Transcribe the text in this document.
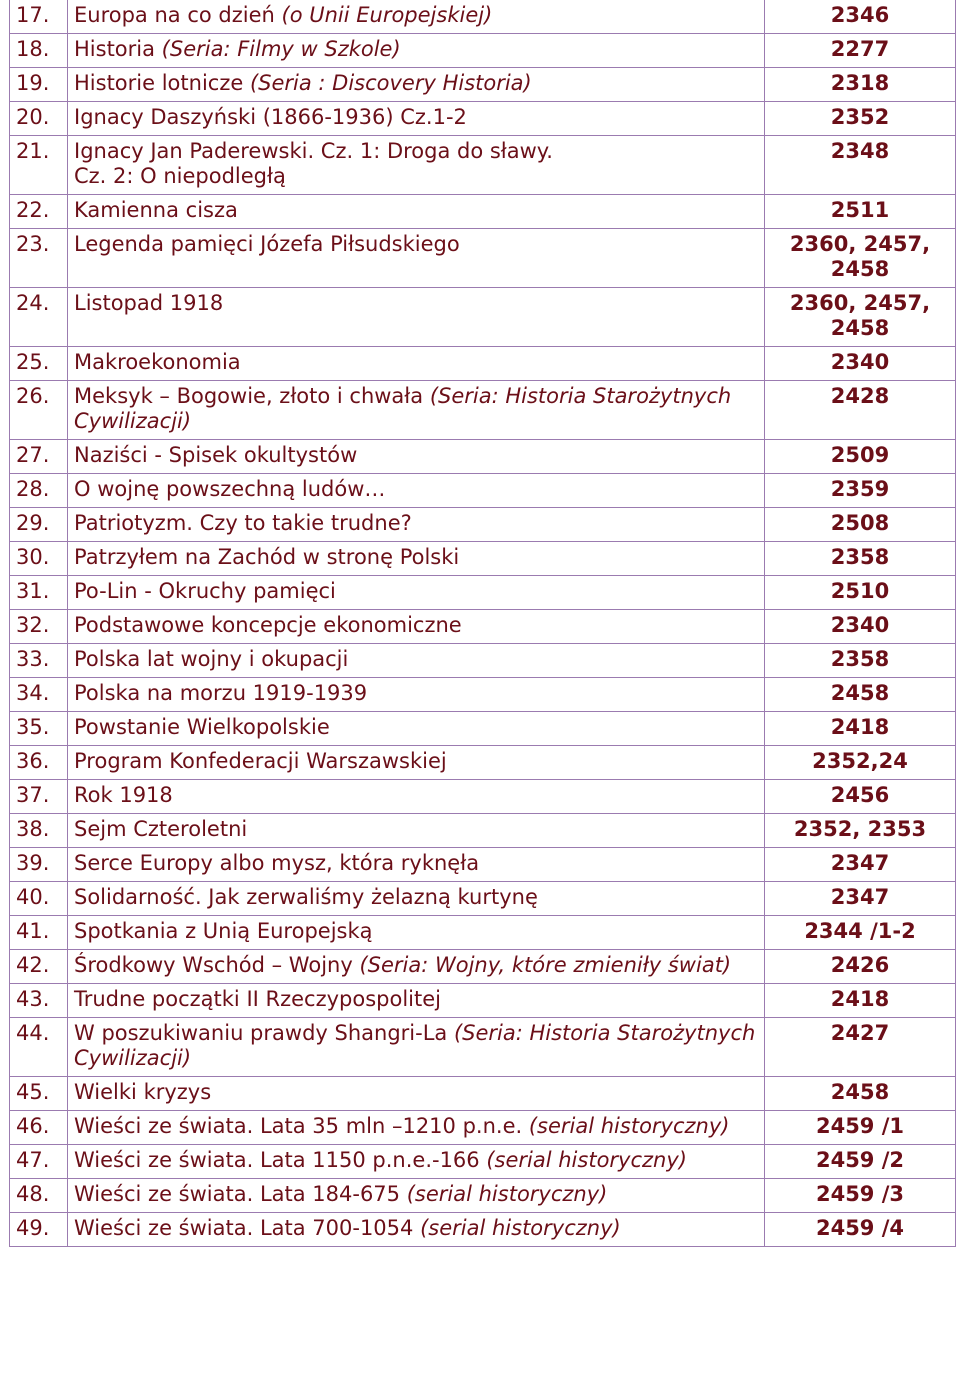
17.	Europa na co dzień (o Unii Europejskiej)	2346
18.	Historia (Seria: Filmy w Szkole)	2277
19.	Historie lotnicze (Seria : Discovery Historia)	2318
20.	Ignacy Daszyński (1866-1936) Cz.1-2	2352
21.	Ignacy Jan Paderewski. Cz. 1: Droga do sławy.
Cz. 2: O niepodległą	2348
22.	Kamienna cisza	2511
23.	Legenda pamięci Józefa Piłsudskiego	2360, 2457,
2458
24.	Listopad 1918	2360, 2457,
2458
25.	Makroekonomia	2340
26.	Meksyk – Bogowie, złoto i chwała (Seria: Historia Starożytnych Cywilizacji)	2428
27.	Naziści - Spisek okultystów	2509
28.	O wojnę powszechną ludów…	2359
29.	Patriotyzm. Czy to takie trudne?	2508
30.	Patrzyłem na Zachód w stronę Polski	2358
31.	Po-Lin - Okruchy pamięci	2510
32.	Podstawowe koncepcje ekonomiczne	2340
33.	Polska lat wojny i okupacji	2358
34.	Polska na morzu 1919-1939	2458
35.	Powstanie Wielkopolskie	2418
36.	Program Konfederacji Warszawskiej	2352,24
37.	Rok 1918	2456
38.	Sejm Czteroletni	2352, 2353
39.	Serce Europy albo mysz, która ryknęła	2347
40.	Solidarność. Jak zerwaliśmy żelazną kurtynę	2347
41.	Spotkania z Unią Europejską	2344 /1-2
42.	Środkowy Wschód – Wojny (Seria: Wojny, które zmieniły świat)	2426
43.	Trudne początki II Rzeczypospolitej	2418
44.	W poszukiwaniu prawdy Shangri-La (Seria: Historia Starożytnych Cywilizacji)	2427
45.	Wielki kryzys	2458
46.	Wieści ze świata. Lata 35 mln –1210 p.n.e. (serial historyczny)	2459 /1
47.	Wieści ze świata. Lata 1150 p.n.e.-166 (serial historyczny)	2459 /2
48.	Wieści ze świata. Lata 184-675 (serial historyczny)	2459 /3
49.	Wieści ze świata. Lata 700-1054 (serial historyczny)	2459 /4
